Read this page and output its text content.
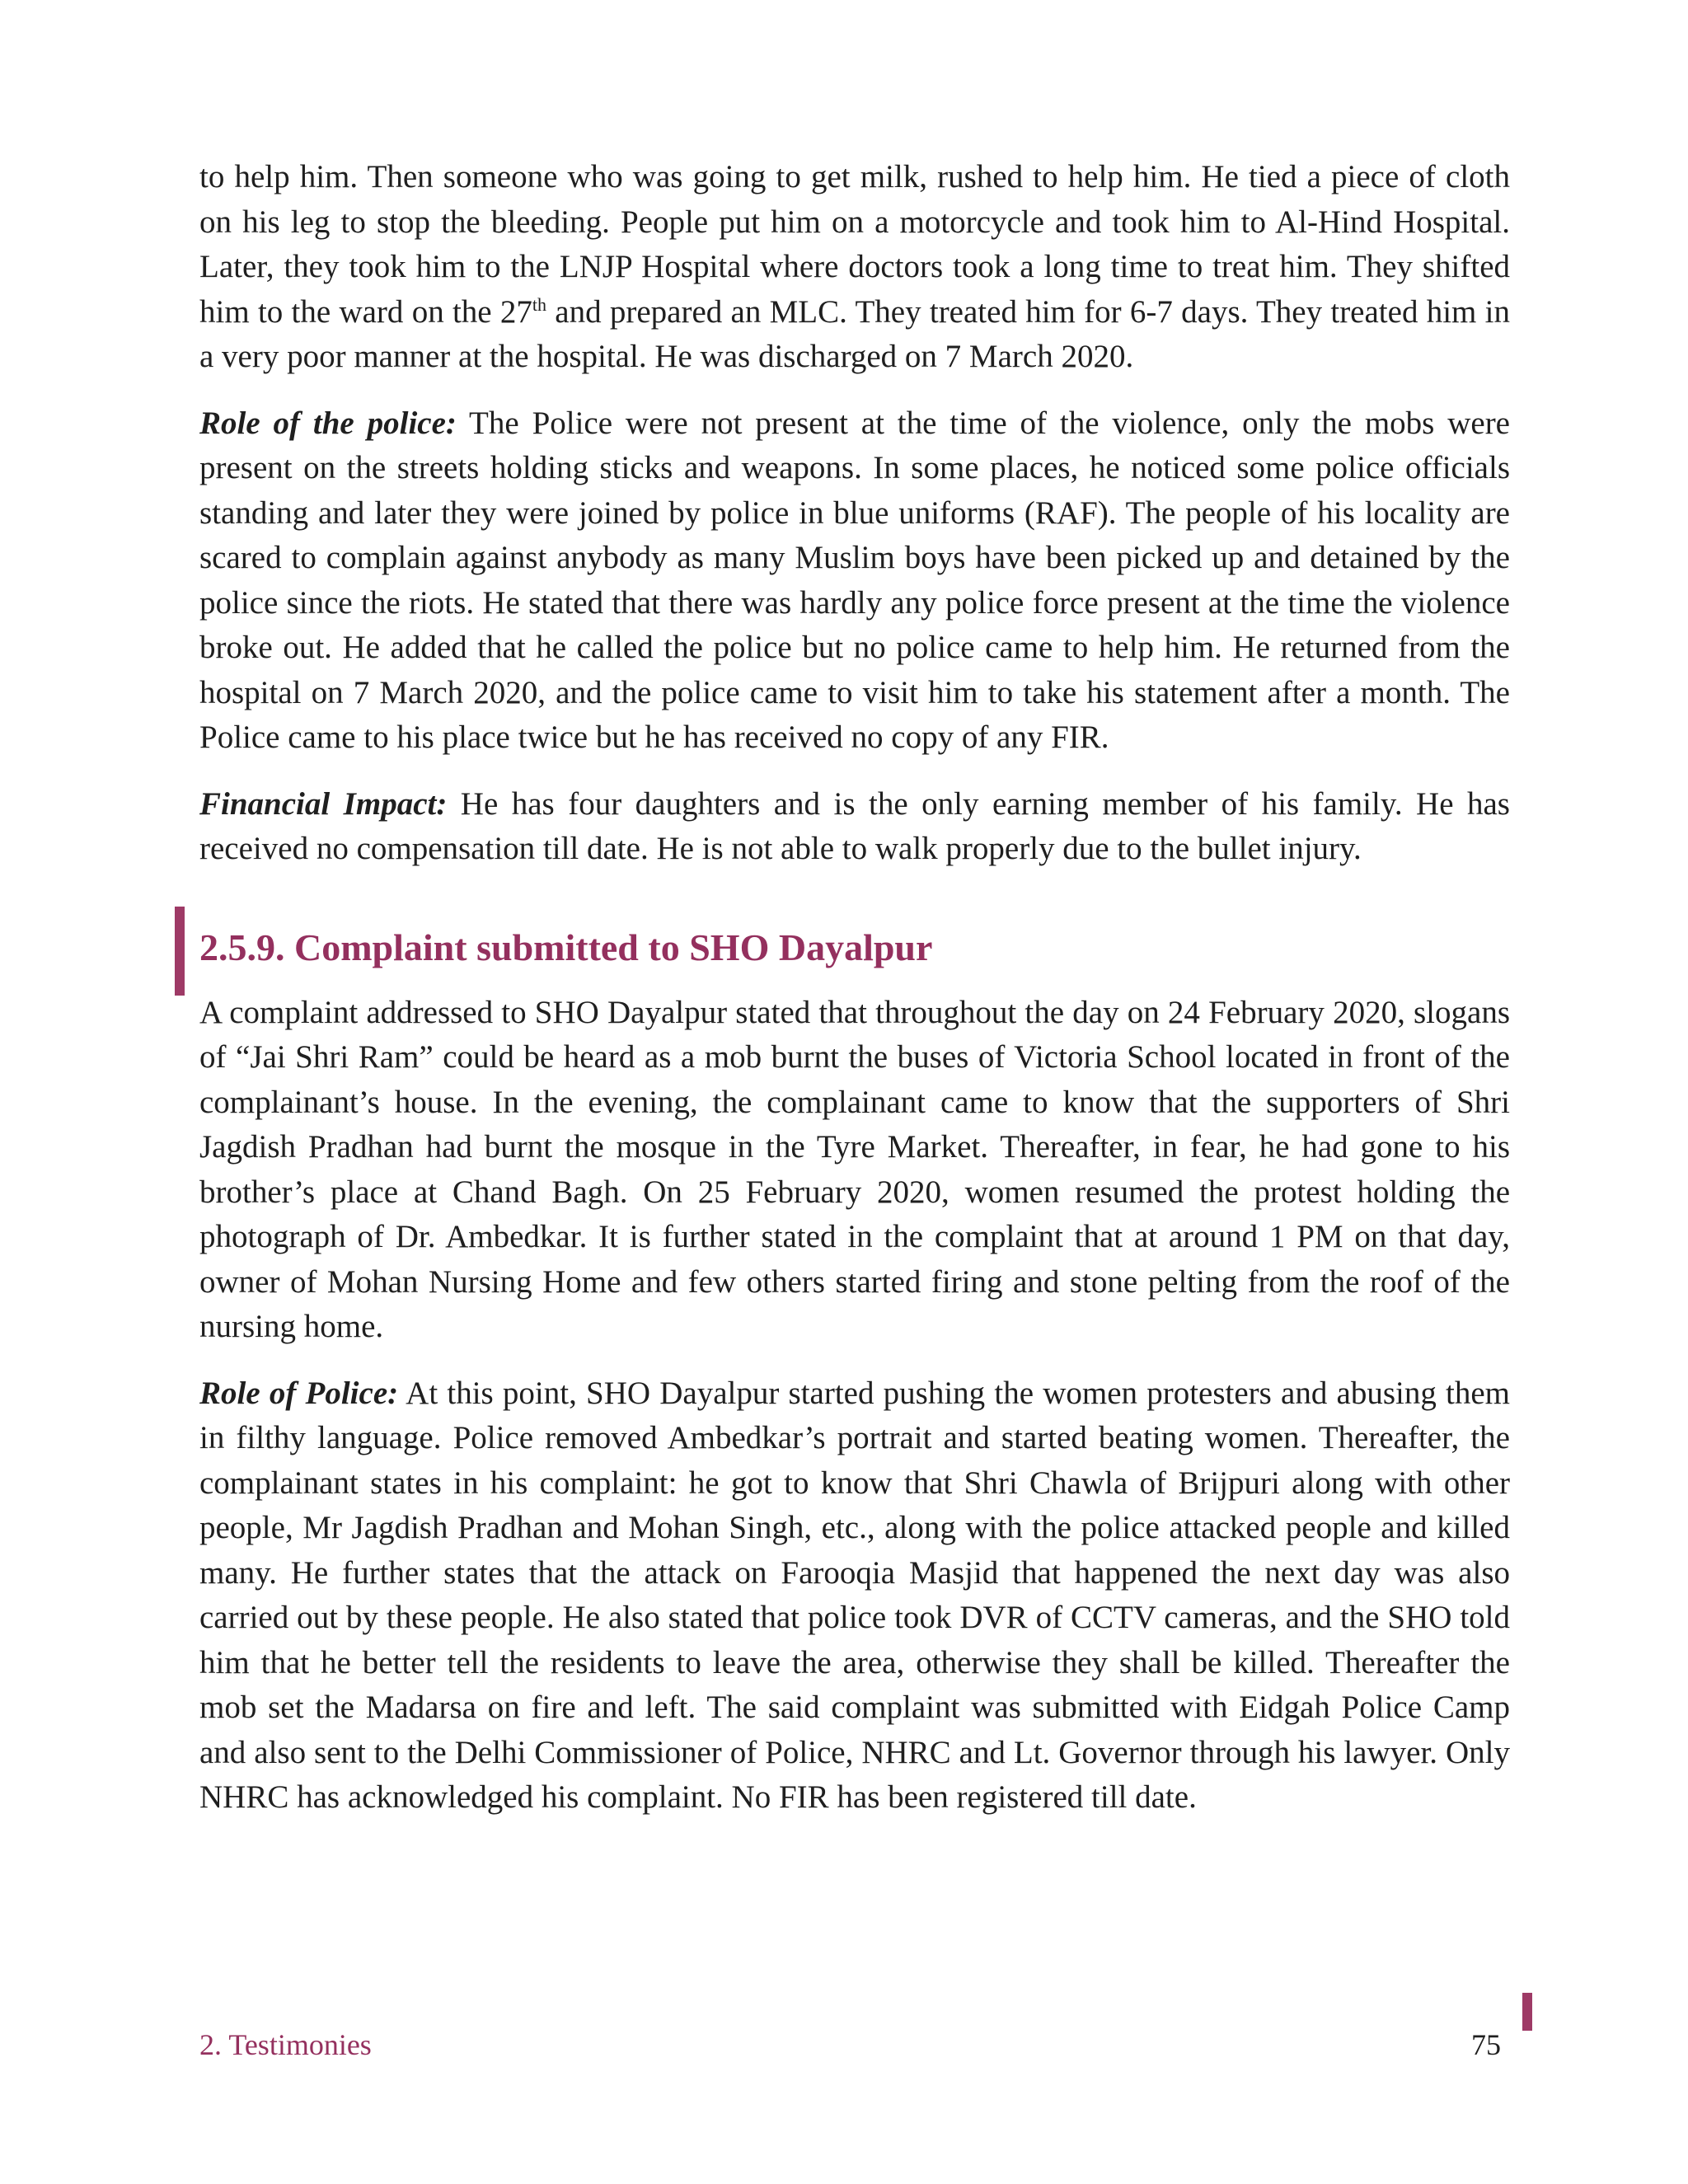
to help him. Then someone who was going to get milk, rushed to help him. He tied a piece of cloth on his leg to stop the bleeding. People put him on a motorcycle and took him to Al-Hind Hospital. Later, they took him to the LNJP Hospital where doctors took a long time to treat him. They shifted him to the ward on the 27th and prepared an MLC. They treated him for 6-7 days. They treated him in a very poor manner at the hospital. He was discharged on 7 March 2020.

Role of the police: The Police were not present at the time of the violence, only the mobs were present on the streets holding sticks and weapons. In some places, he noticed some police officials standing and later they were joined by police in blue uniforms (RAF). The people of his locality are scared to complain against anybody as many Muslim boys have been picked up and detained by the police since the riots. He stated that there was hardly any police force present at the time the violence broke out. He added that he called the police but no police came to help him. He returned from the hospital on 7 March 2020, and the police came to visit him to take his statement after a month. The Police came to his place twice but he has received no copy of any FIR.

Financial Impact: He has four daughters and is the only earning member of his family. He has received no compensation till date. He is not able to walk properly due to the bullet injury.

2.5.9. Complaint submitted to SHO Dayalpur

A complaint addressed to SHO Dayalpur stated that throughout the day on 24 February 2020, slogans of “Jai Shri Ram” could be heard as a mob burnt the buses of Victoria School located in front of the complainant’s house. In the evening, the complainant came to know that the supporters of Shri Jagdish Pradhan had burnt the mosque in the Tyre Market. Thereafter, in fear, he had gone to his brother’s place at Chand Bagh. On 25 February 2020, women resumed the protest holding the photograph of Dr. Ambedkar. It is further stated in the complaint that at around 1 PM on that day, owner of Mohan Nursing Home and few others started firing and stone pelting from the roof of the nursing home.

Role of Police: At this point, SHO Dayalpur started pushing the women protesters and abusing them in filthy language. Police removed Ambedkar’s portrait and started beating women. Thereafter, the complainant states in his complaint: he got to know that Shri Chawla of Brijpuri along with other people, Mr Jagdish Pradhan and Mohan Singh, etc., along with the police attacked people and killed many. He further states that the attack on Farooqia Masjid that happened the next day was also carried out by these people. He also stated that police took DVR of CCTV cameras, and the SHO told him that he better tell the residents to leave the area, otherwise they shall be killed. Thereafter the mob set the Madarsa on fire and left. The said complaint was submitted with Eidgah Police Camp and also sent to the Delhi Commissioner of Police, NHRC and Lt. Governor through his lawyer. Only NHRC has acknowledged his complaint. No FIR has been registered till date.

2. Testimonies	75
